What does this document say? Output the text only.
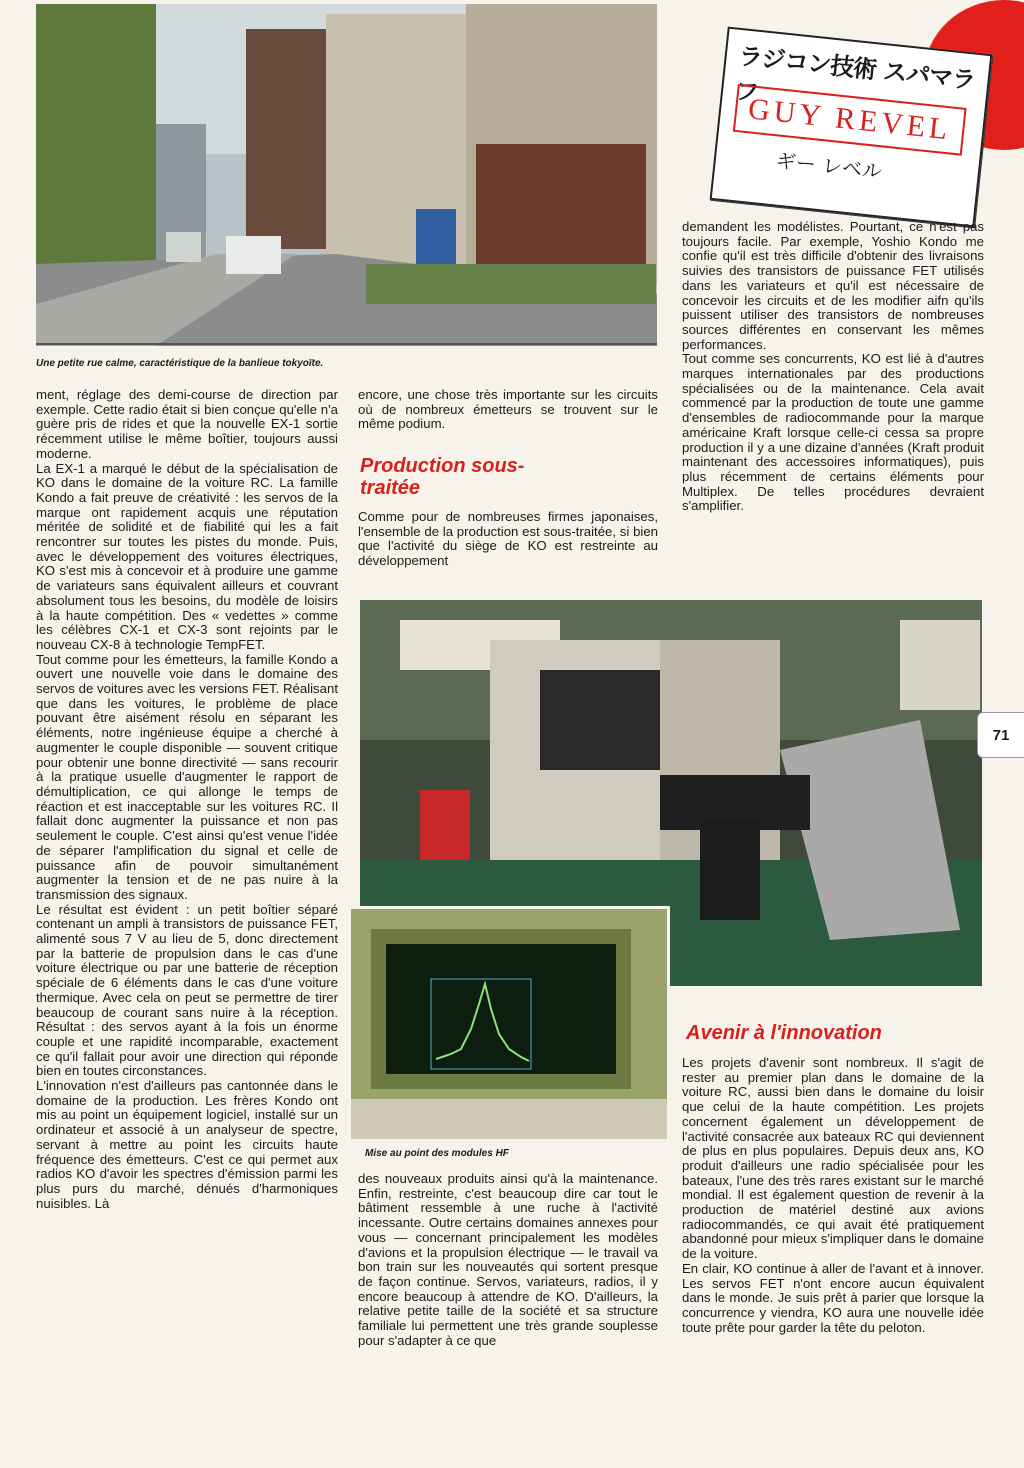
Une petite rue calme, caractéristique de la banlieue tokyoïte.
ラジコン技術 スパマラフ
GUY REVEL
ギー レベル

ment, réglage des demi-course de direction par exemple. Cette radio était si bien conçue qu'elle n'a guère pris de rides et que la nouvelle EX-1 sortie récemment utilise le même boîtier, toujours aussi moderne.

La EX-1 a marqué le début de la spécialisation de KO dans le domaine de la voiture RC. La famille Kondo a fait preuve de créativité : les servos de la marque ont rapidement acquis une réputation méritée de solidité et de fiabilité qui les a fait rencontrer sur toutes les pistes du monde. Puis, avec le développement des voitures électriques, KO s'est mis à concevoir et à produire une gamme de variateurs sans équivalent ailleurs et couvrant absolument tous les besoins, du modèle de loisirs à la haute compétition. Des « vedettes » comme les célèbres CX-1 et CX-3 sont rejoints par le nouveau CX-8 à technologie TempFET.

Tout comme pour les émetteurs, la famille Kondo a ouvert une nouvelle voie dans le domaine des servos de voitures avec les versions FET. Réalisant que dans les voitures, le problème de place pouvant être aisément résolu en séparant les éléments, notre ingénieuse équipe a cherché à augmenter le couple disponible — souvent critique pour obtenir une bonne directivité — sans recourir à la pratique usuelle d'augmenter le rapport de démultiplication, ce qui allonge le temps de réaction et est inacceptable sur les voitures RC. Il fallait donc augmenter la puissance et non pas seulement le couple. C'est ainsi qu'est venue l'idée de séparer l'amplification du signal et celle de puissance afin de pouvoir simultanément augmenter la tension et de ne pas nuire à la transmission des signaux.

Le résultat est évident : un petit boîtier séparé contenant un ampli à transistors de puissance FET, alimenté sous 7 V au lieu de 5, donc directement par la batterie de propulsion dans le cas d'une voiture électrique ou par une batterie de réception spéciale de 6 éléments dans le cas d'une voiture thermique. Avec cela on peut se permettre de tirer beaucoup de courant sans nuire à la réception. Résultat : des servos ayant à la fois un énorme couple et une rapidité incomparable, exactement ce qu'il fallait pour avoir une direction qui réponde bien en toutes circonstances.

L'innovation n'est d'ailleurs pas cantonnée dans le domaine de la production. Les frères Kondo ont mis au point un équipement logiciel, installé sur un ordinateur et associé à un analyseur de spectre, servant à mettre au point les circuits haute fréquence des émetteurs. C'est ce qui permet aux radios KO d'avoir les spectres d'émission parmi les plus purs du marché, dénués d'harmoniques nuisibles. Là

encore, une chose très importante sur les circuits où de nombreux émetteurs se trouvent sur le même podium.

Production sous-traitée

Comme pour de nombreuses firmes japonaises, l'ensemble de la production est sous-traitée, si bien que l'activité du siège de KO est restreinte au développement

demandent les modélistes. Pourtant, ce n'est pas toujours facile. Par exemple, Yoshio Kondo me confie qu'il est très difficile d'obtenir des livraisons suivies des transistors de puissance FET utilisés dans les variateurs et qu'il est nécessaire de concevoir les circuits et de les modifier aifn qu'ils puissent utiliser des transistors de nombreuses sources différentes en conservant les mêmes performances.

Tout comme ses concurrents, KO est lié à d'autres marques internationales par des productions spécialisées ou de la maintenance. Cela avait commencé par la production de toute une gamme d'ensembles de radiocommande pour la marque américaine Kraft lorsque celle-ci cessa sa propre production il y a une dizaine d'années (Kraft produit maintenant des accessoires informatiques), puis plus récemment de certains éléments pour Multiplex. De telles procédures devraient s'amplifier.

Mise au point des modules HF

des nouveaux produits ainsi qu'à la maintenance. Enfin, restreinte, c'est beaucoup dire car tout le bâtiment ressemble à une ruche à l'activité incessante. Outre certains domaines annexes pour vous — concernant principalement les modèles d'avions et la propulsion électrique — le travail va bon train sur les nouveautés qui sortent presque de façon continue. Servos, variateurs, radios, il y encore beaucoup à attendre de KO. D'ailleurs, la relative petite taille de la société et sa structure familiale lui permettent une très grande souplesse pour s'adapter à ce que

Avenir à l'innovation

Les projets d'avenir sont nombreux. Il s'agit de rester au premier plan dans le domaine de la voiture RC, aussi bien dans le domaine du loisir que celui de la haute compétition. Les projets concernent également un développement de l'activité consacrée aux bateaux RC qui deviennent de plus en plus populaires. Depuis deux ans, KO produit d'ailleurs une radio spécialisée pour les bateaux, l'une des très rares existant sur le marché mondial. Il est également question de revenir à la production de matériel destiné aux avions radiocommandés, ce qui avait été pratiquement abandonné pour mieux s'impliquer dans le domaine de la voiture.

En clair, KO continue à aller de l'avant et à innover. Les servos FET n'ont encore aucun équivalent dans le monde. Je suis prêt à parier que lorsque la concurrence y viendra, KO aura une nouvelle idée toute prête pour garder la tête du peloton.

71
